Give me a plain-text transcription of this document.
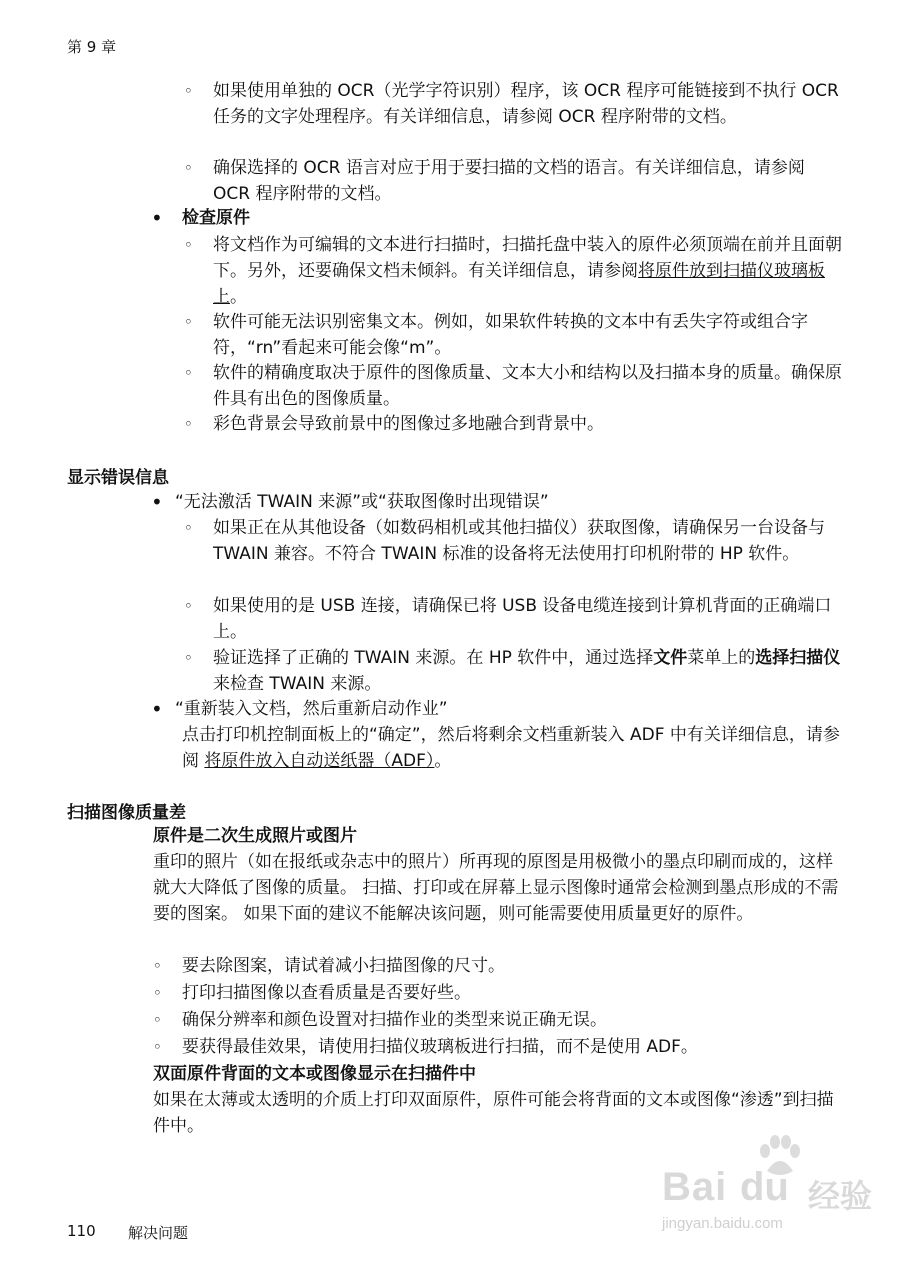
第 9 章
◦ 如果使用单独的 OCR（光学字符识别）程序，该 OCR 程序可能链接到不执行 OCR 任务的文字处理程序。有关详细信息，请参阅 OCR 程序附带的文档。
◦ 确保选择的 OCR 语言对应于用于要扫描的文档的语言。有关详细信息，请参阅 OCR 程序附带的文档。
• 检查原件
◦ 将文档作为可编辑的文本进行扫描时，扫描托盘中装入的原件必须顶端在前并且面朝下。另外，还要确保文档未倾斜。有关详细信息，请参阅将原件放到扫描仪玻璃板上。
◦ 软件可能无法识别密集文本。例如，如果软件转换的文本中有丢失字符或组合字符，“rn”看起来可能会像“m”。
◦ 软件的精确度取决于原件的图像质量、文本大小和结构以及扫描本身的质量。确保原件具有出色的图像质量。
◦ 彩色背景会导致前景中的图像过多地融合到背景中。
显示错误信息
• “无法激活 TWAIN 来源”或“获取图像时出现错误”
◦ 如果正在从其他设备（如数码相机或其他扫描仪）获取图像，请确保另一台设备与 TWAIN 兼容。不符合 TWAIN 标准的设备将无法使用打印机附带的 HP 软件。
◦ 如果使用的是 USB 连接，请确保已将 USB 设备电缆连接到计算机背面的正确端口上。
◦ 验证选择了正确的 TWAIN 来源。在 HP 软件中，通过选择文件菜单上的选择扫描仪来检查 TWAIN 来源。
• “重新装入文档，然后重新启动作业”
点击打印机控制面板上的“确定”，然后将剩余文档重新装入 ADF 中有关详细信息，请参阅 将原件放入自动送纸器（ADF）。
扫描图像质量差
原件是二次生成照片或图片
重印的照片（如在报纸或杂志中的照片）所再现的原图是用极微小的墨点印刷而成的，这样就大大降低了图像的质量。 扫描、打印或在屏幕上显示图像时通常会检测到墨点形成的不需要的图案。 如果下面的建议不能解决该问题，则可能需要使用质量更好的原件。
◦ 要去除图案，请试着减小扫描图像的尺寸。
◦ 打印扫描图像以查看质量是否要好些。
◦ 确保分辨率和颜色设置对扫描作业的类型来说正确无误。
◦ 要获得最佳效果，请使用扫描仪玻璃板进行扫描，而不是使用 ADF。
双面原件背面的文本或图像显示在扫描件中
如果在太薄或太透明的介质上打印双面原件，原件可能会将背面的文本或图像“渗透”到扫描件中。
110 解决问题
Bai du 经验
jingyan.baidu.com
